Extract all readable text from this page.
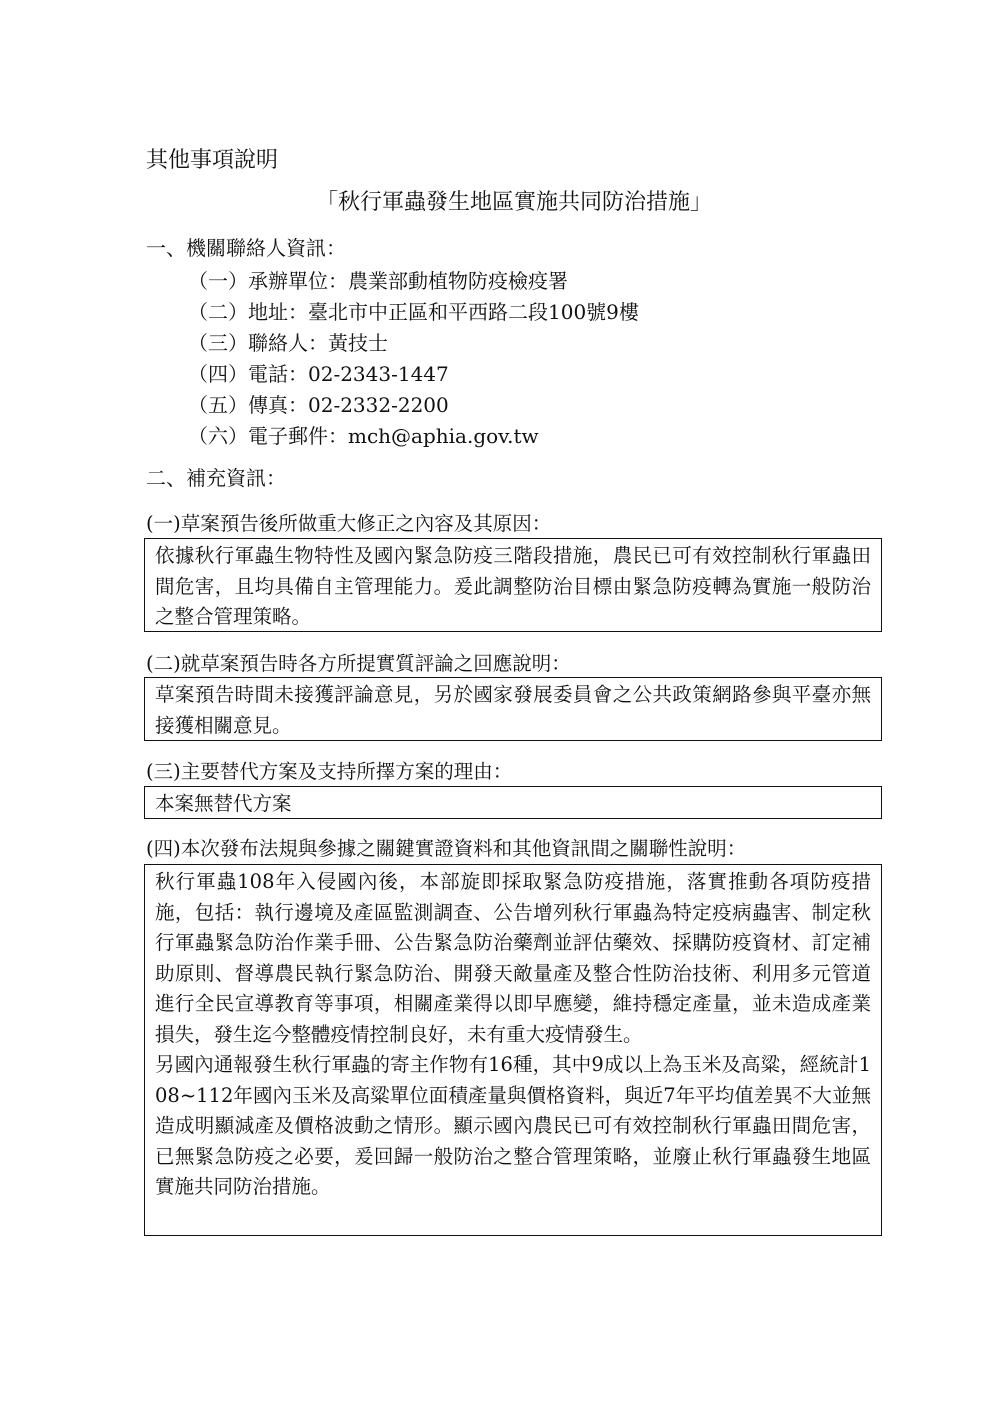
其他事項說明
「秋行軍蟲發生地區實施共同防治措施」
一、機關聯絡人資訊：
（一）承辦單位：農業部動植物防疫檢疫署
（二）地址：臺北市中正區和平西路二段100號9樓
（三）聯絡人：黃技士
（四）電話：02-2343-1447
（五）傳真：02-2332-2200
（六）電子郵件：mch@aphia.gov.tw
二、補充資訊：
(一)草案預告後所做重大修正之內容及其原因：

依據秋行軍蟲生物特性及國內緊急防疫三階段措施，農民已可有效控制秋行軍蟲田間危害，且均具備自主管理能力。爰此調整防治目標由緊急防疫轉為實施一般防治之整合管理策略。

(二)就草案預告時各方所提實質評論之回應說明：

草案預告時間未接獲評論意見，另於國家發展委員會之公共政策網路參與平臺亦無接獲相關意見。

(三)主要替代方案及支持所擇方案的理由：

本案無替代方案

(四)本次發布法規與參據之關鍵實證資料和其他資訊間之關聯性說明：

秋行軍蟲108年入侵國內後，本部旋即採取緊急防疫措施，落實推動各項防疫措施，包括：執行邊境及產區監測調查、公告增列秋行軍蟲為特定疫病蟲害、制定秋行軍蟲緊急防治作業手冊、公告緊急防治藥劑並評估藥效、採購防疫資材、訂定補助原則、督導農民執行緊急防治、開發天敵量產及整合性防治技術、利用多元管道進行全民宣導教育等事項，相關產業得以即早應變，維持穩定產量，並未造成產業損失，發生迄今整體疫情控制良好，未有重大疫情發生。

另國內通報發生秋行軍蟲的寄主作物有16種，其中9成以上為玉米及高粱，經統計108~112年國內玉米及高粱單位面積產量與價格資料，與近7年平均值差異不大並無造成明顯減產及價格波動之情形。顯示國內農民已可有效控制秋行軍蟲田間危害，已無緊急防疫之必要，爰回歸一般防治之整合管理策略，並廢止秋行軍蟲發生地區實施共同防治措施。
